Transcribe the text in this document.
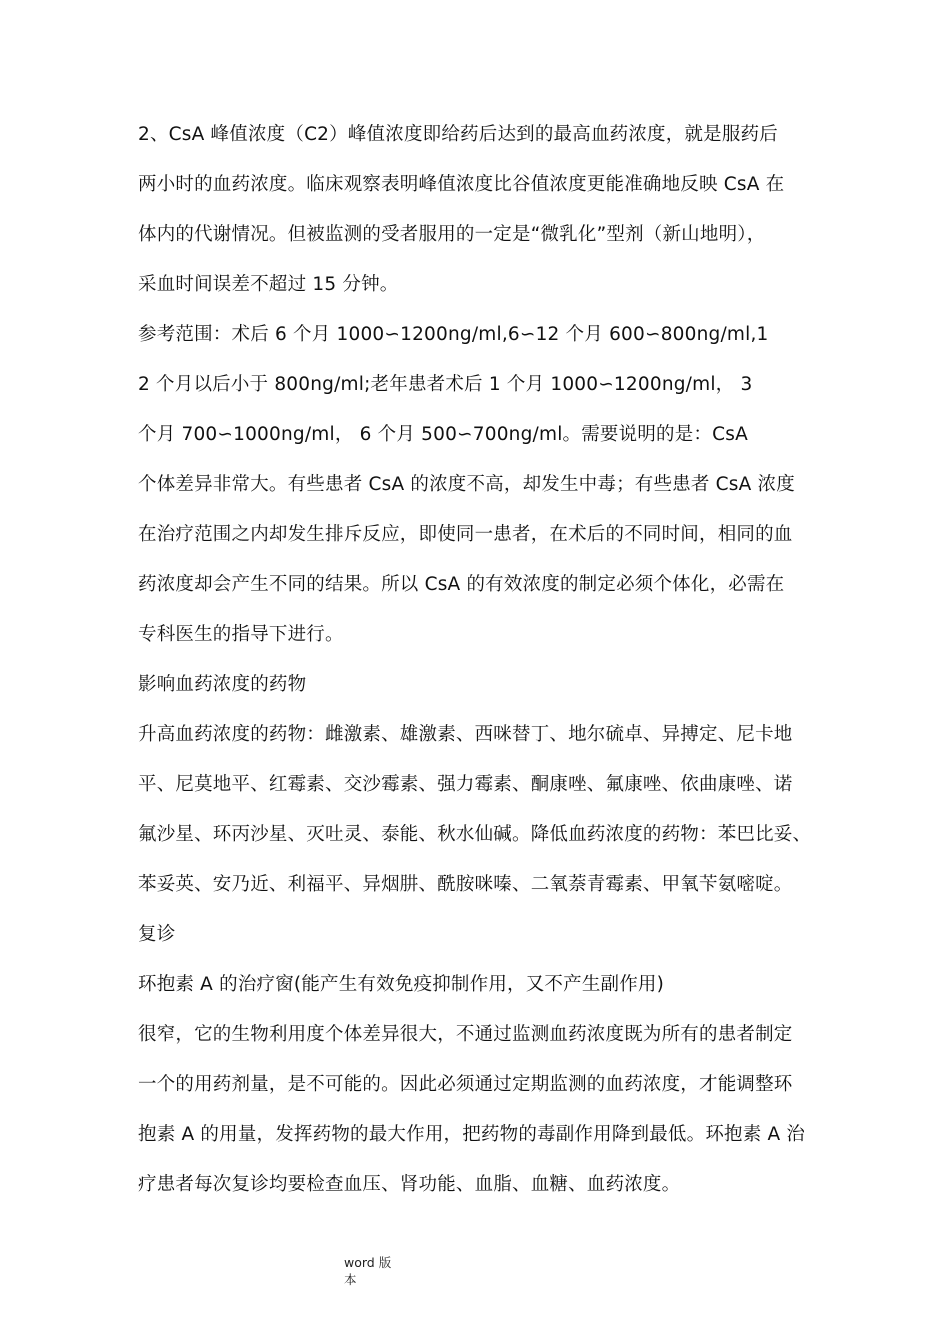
2、CsA 峰值浓度（C2）峰值浓度即给药后达到的最高血药浓度，就是服药后
两小时的血药浓度。临床观察表明峰值浓度比谷值浓度更能准确地反映 CsA 在
体内的代谢情况。但被监测的受者服用的一定是“微乳化”型剂（新山地明），
采血时间误差不超过 15 分钟。
参考范围：术后 6 个月 1000∽1200ng/ml,6∽12 个月 600∽800ng/ml,1
2 个月以后小于 800ng/ml;老年患者术后 1 个月 1000∽1200ng/ml， 3
个月 700∽1000ng/ml， 6 个月 500∽700ng/ml。需要说明的是：CsA
个体差异非常大。有些患者 CsA 的浓度不高，却发生中毒；有些患者 CsA 浓度
在治疗范围之内却发生排斥反应，即使同一患者，在术后的不同时间，相同的血
药浓度却会产生不同的结果。所以 CsA 的有效浓度的制定必须个体化，必需在
专科医生的指导下进行。
影响血药浓度的药物
升高血药浓度的药物：雌激素、雄激素、西咪替丁、地尔硫卓、异搏定、尼卡地
平、尼莫地平、红霉素、交沙霉素、强力霉素、酮康唑、氟康唑、依曲康唑、诺
氟沙星、环丙沙星、灭吐灵、泰能、秋水仙碱。降低血药浓度的药物：苯巴比妥、
苯妥英、安乃近、利福平、异烟肼、酰胺咪嗪、二氧萘青霉素、甲氧苄氨嘧啶。
复诊
环抱素 A 的治疗窗(能产生有效免疫抑制作用，又不产生副作用)
很窄，它的生物利用度个体差异很大，不通过监测血药浓度既为所有的患者制定
一个的用药剂量，是不可能的。因此必须通过定期监测的血药浓度，才能调整环
抱素 A 的用量，发挥药物的最大作用，把药物的毒副作用降到最低。环抱素 A 治
疗患者每次复诊均要检查血压、肾功能、血脂、血糖、血药浓度。
word 版
本
